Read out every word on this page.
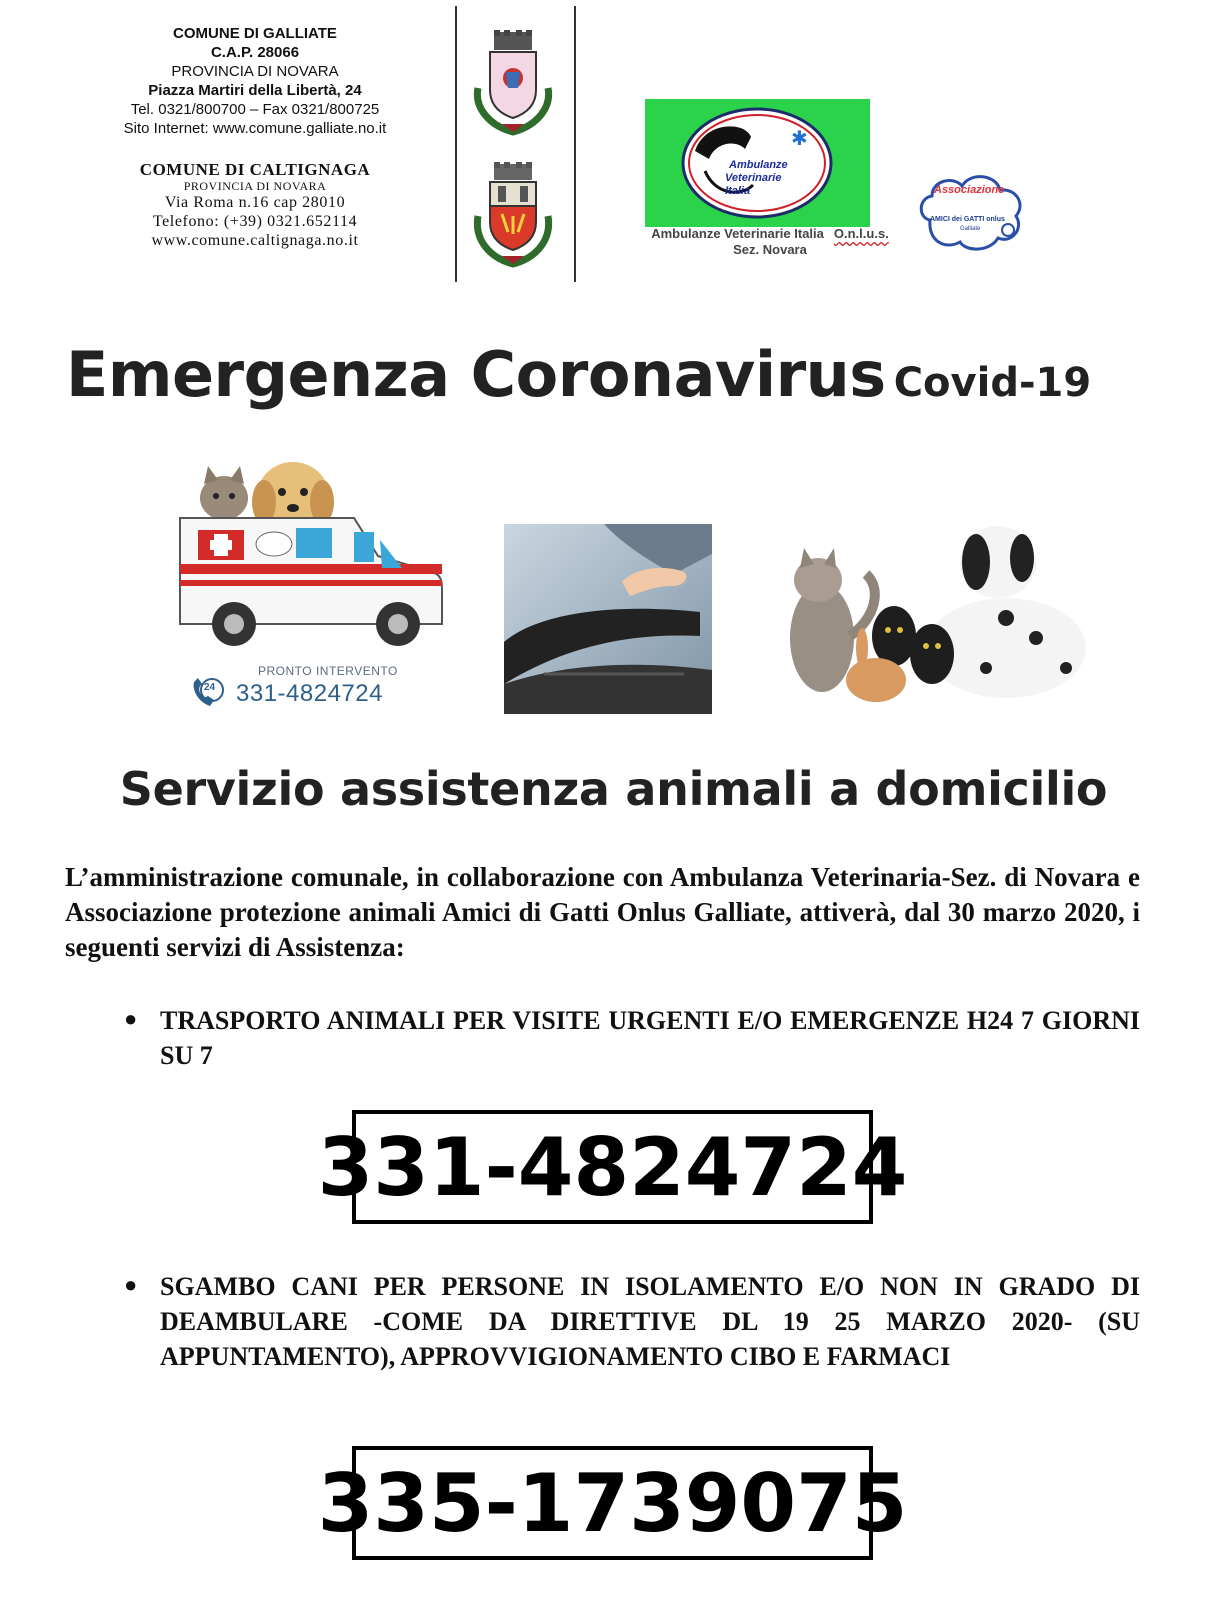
COMUNE DI GALLIATE
C.A.P. 28066
PROVINCIA DI NOVARA
Piazza Martiri della Libertà, 24
Tel. 0321/800700 – Fax 0321/800725
Sito Internet: www.comune.galliate.no.it
COMUNE DI CALTIGNAGA
PROVINCIA DI NOVARA
Via Roma n.16 cap 28010
Telefono: (+39) 0321.652114
www.comune.caltignaga.no.it
✱
Ambulanze
Veterinarie
Italia
Ambulanze Veterinarie Italia O.n.l.u.s.
Sez. Novara
Associazione
AMICI dei GATTI onlus
Galliate
Emergenza Coronavirus Covid-19
24
PRONTO INTERVENTO
331-4824724
Servizio assistenza animali a domicilio
L’amministrazione comunale, in collaborazione con Ambulanza Veterinaria-Sez. di Novara e Associazione protezione animali Amici di Gatti Onlus Galliate, attiverà, dal 30 marzo 2020, i seguenti servizi di Assistenza:
● TRASPORTO ANIMALI PER VISITE URGENTI E/O EMERGENZE H24 7 GIORNI SU 7
331-4824724
● SGAMBO CANI PER PERSONE IN ISOLAMENTO E/O NON IN GRADO DI DEAMBULARE -COME DA DIRETTIVE DL 19 25 MARZO 2020- (SU APPUNTAMENTO), APPROVVIGIONAMENTO CIBO E FARMACI
335-1739075
